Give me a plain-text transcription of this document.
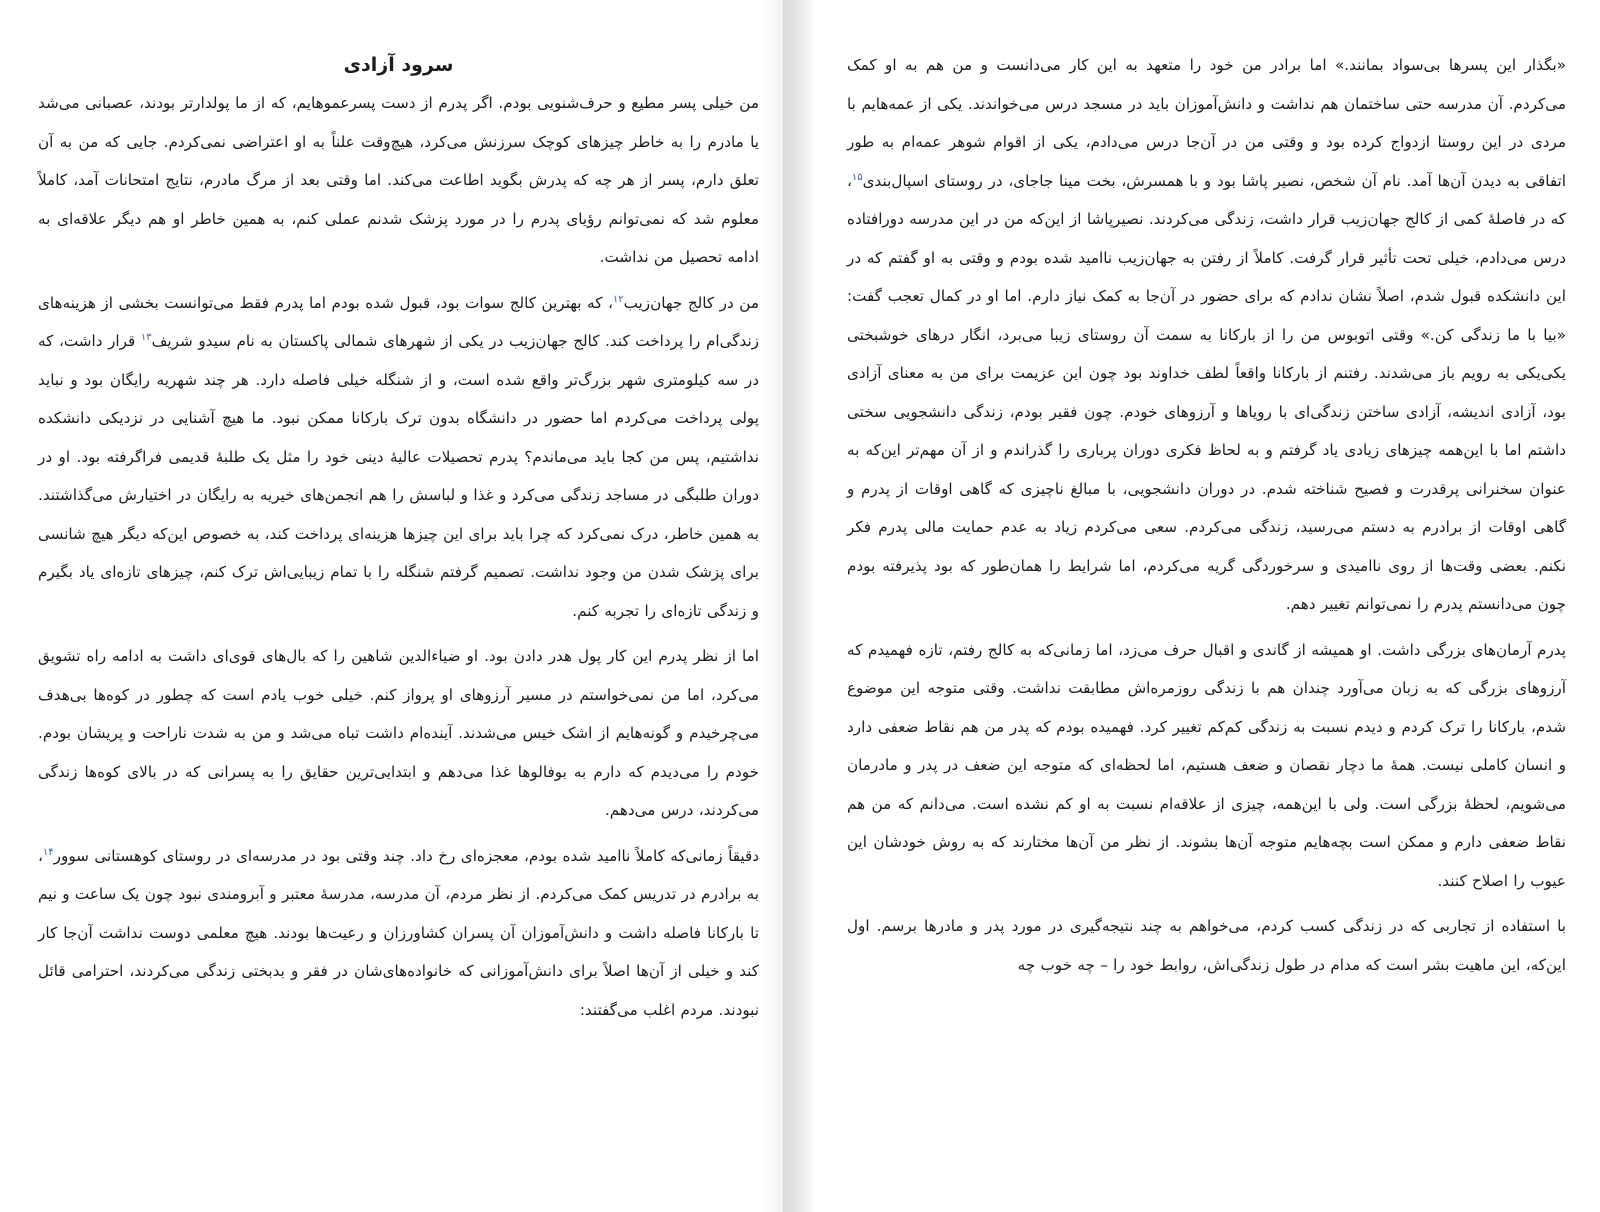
سرود آزادی

من خیلی پسر مطیع و حرف‌شنویی بودم. اگر پدرم از دست پسرعموهایم، که از ما پولدارتر بودند، عصبانی می‌شد یا مادرم را به خاطر چیزهای کوچک سرزنش می‌کرد، هیچ‌وقت علناً به او اعتراضی نمی‌کردم. جایی که من به آن تعلق دارم، پسر از هر چه که پدرش بگوید اطاعت می‌کند. اما وقتی بعد از مرگ مادرم، نتایج امتحانات آمد، کاملاً معلوم شد که نمی‌توانم رؤیای پدرم را در مورد پزشک شدنم عملی کنم، به همین خاطر او هم دیگر علاقه‌ای به ادامه تحصیل من نداشت.

من در کالج جهان‌زیب$^{۱۲}$، که بهترین کالج سوات بود، قبول شده بودم اما پدرم فقط می‌توانست بخشی از هزینه‌های زندگی‌ام را پرداخت کند. کالج جهان‌زیب در یکی از شهرهای شمالی پاکستان به نام سیدو شریف$^{۱۳}$ قرار داشت، که در سه کیلومتری شهر بزرگ‌تر واقع شده است، و از شنگله خیلی فاصله دارد. هر چند شهریه رایگان بود و نباید پولی پرداخت می‌کردم اما حضور در دانشگاه بدون ترک بارکانا ممکن نبود. ما هیچ آشنایی در نزدیکی دانشکده نداشتیم، پس من کجا باید می‌ماندم؟ پدرم تحصیلات عالیهٔ دینی خود را مثل یک طلبهٔ قدیمی فراگرفته بود. او در دوران طلبگی در مساجد زندگی می‌کرد و غذا و لباسش را هم انجمن‌های خیریه به رایگان در اختیارش می‌گذاشتند. به همین خاطر، درک نمی‌کرد که چرا باید برای این چیزها هزینه‌ای پرداخت کند، به خصوص این‌که دیگر هیچ شانسی برای پزشک شدن من وجود نداشت. تصمیم گرفتم شنگله را با تمام زیبایی‌اش ترک کنم، چیزهای تازه‌ای یاد بگیرم و زندگی تازه‌ای را تجربه کنم.

اما از نظر پدرم این کار پول هدر دادن بود. او ضیاءالدین شاهین را که بال‌های قوی‌ای داشت به ادامه راه تشویق می‌کرد، اما من نمی‌خواستم در مسیر آرزوهای او پرواز کنم. خیلی خوب یادم است که چطور در کوه‌ها بی‌هدف می‌چرخیدم و گونه‌هایم از اشک خیس می‌شدند. آینده‌ام داشت تباه می‌شد و من به شدت ناراحت و پریشان بودم. خودم را می‌دیدم که دارم به بوفالوها غذا می‌دهم و ابتدایی‌ترین حقایق را به پسرانی که در بالای کوه‌ها زندگی می‌کردند، درس می‌دهم.

دقیقاً زمانی‌که کاملاً ناامید شده بودم، معجزه‌ای رخ داد. چند وقتی بود در مدرسه‌ای در روستای کوهستانی سوور$^{۱۴}$، به برادرم در تدریس کمک می‌کردم. از نظر مردم، آن مدرسه، مدرسهٔ معتبر و آبرومندی نبود چون یک ساعت و نیم تا بارکانا فاصله داشت و دانش‌آموزان آن پسران کشاورزان و رعیت‌ها بودند. هیچ معلمی دوست نداشت آن‌جا کار کند و خیلی از آن‌ها اصلاً برای دانش‌آموزانی که خانواده‌های‌شان در فقر و بدبختی زندگی می‌کردند، احترامی قائل نبودند. مردم اغلب می‌گفتند:

«بگذار این پسرها بی‌سواد بمانند.» اما برادر من خود را متعهد به این کار می‌دانست و من هم به او کمک می‌کردم. آن مدرسه حتی ساختمان هم نداشت و دانش‌آموزان باید در مسجد درس می‌خواندند. یکی از عمه‌هایم با مردی در این روستا ازدواج کرده بود و وقتی من در آن‌جا درس می‌دادم، یکی از اقوام شوهر عمه‌ام به طور اتفاقی به دیدن آن‌ها آمد. نام آن شخص، نصیر پاشا بود و با همسرش، بخت مینا جاجای، در روستای اسپال‌بندی$^{۱۵}$، که در فاصلهٔ کمی از کالج جهان‌زیب قرار داشت، زندگی می‌کردند. نصیرپاشا از این‌که من در این مدرسه دورافتاده درس می‌دادم، خیلی تحت تأثیر قرار گرفت. کاملاً از رفتن به جهان‌زیب ناامید شده بودم و وقتی به او گفتم که در این دانشکده قبول شدم، اصلاً نشان ندادم که برای حضور در آن‌جا به کمک نیاز دارم. اما او در کمال تعجب گفت: «بیا با ما زندگی کن.» وقتی اتوبوس من را از بارکانا به سمت آن روستای زیبا می‌برد، انگار درهای خوشبختی یکی‌یکی به رویم باز می‌شدند. رفتنم از بارکانا واقعاً لطف خداوند بود چون این عزیمت برای من به معنای آزادی بود، آزادی اندیشه، آزادی ساختن زندگی‌ای با رویاها و آرزوهای خودم. چون فقیر بودم، زندگی دانشجویی سختی داشتم اما با این‌همه چیزهای زیادی یاد گرفتم و به لحاظ فکری دوران پرباری را گذراندم و از آن مهم‌تر این‌که به عنوان سخنرانی پرقدرت و فصیح شناخته شدم. در دوران دانشجویی، با مبالغ ناچیزی که گاهی اوقات از پدرم و گاهی اوقات از برادرم به دستم می‌رسید، زندگی می‌کردم. سعی می‌کردم زیاد به عدم حمایت مالی پدرم فکر نکنم. بعضی وقت‌ها از روی ناامیدی و سرخوردگی گریه می‌کردم، اما شرایط را همان‌طور که بود پذیرفته بودم چون می‌دانستم پدرم را نمی‌توانم تغییر دهم.

پدرم آرمان‌های بزرگی داشت. او همیشه از گاندی و اقبال حرف می‌زد، اما زمانی‌که به کالج رفتم، تازه فهمیدم که آرزوهای بزرگی که به زبان می‌آورد چندان هم با زندگی روزمره‌اش مطابقت نداشت. وقتی متوجه این موضوع شدم، بارکانا را ترک کردم و دیدم نسبت به زندگی کم‌کم تغییر کرد. فهمیده بودم که پدر من هم نقاط ضعفی دارد و انسان کاملی نیست. همهٔ ما دچار نقصان و ضعف هستیم، اما لحظه‌ای که متوجه این ضعف در پدر و مادرمان می‌شویم، لحظهٔ بزرگی است. ولی با این‌همه، چیزی از علاقه‌ام نسبت به او کم نشده است. می‌دانم که من هم نقاط ضعفی دارم و ممکن است بچه‌هایم متوجه آن‌ها بشوند. از نظر من آن‌ها مختارند که به روش خودشان این عیوب را اصلاح کنند.

با استفاده از تجاربی که در زندگی کسب کردم، می‌خواهم به چند نتیجه‌گیری در مورد پدر و مادرها برسم. اول این‌که، این ماهیت بشر است که مدام در طول زندگی‌اش، روابط خود را – چه خوب چه
